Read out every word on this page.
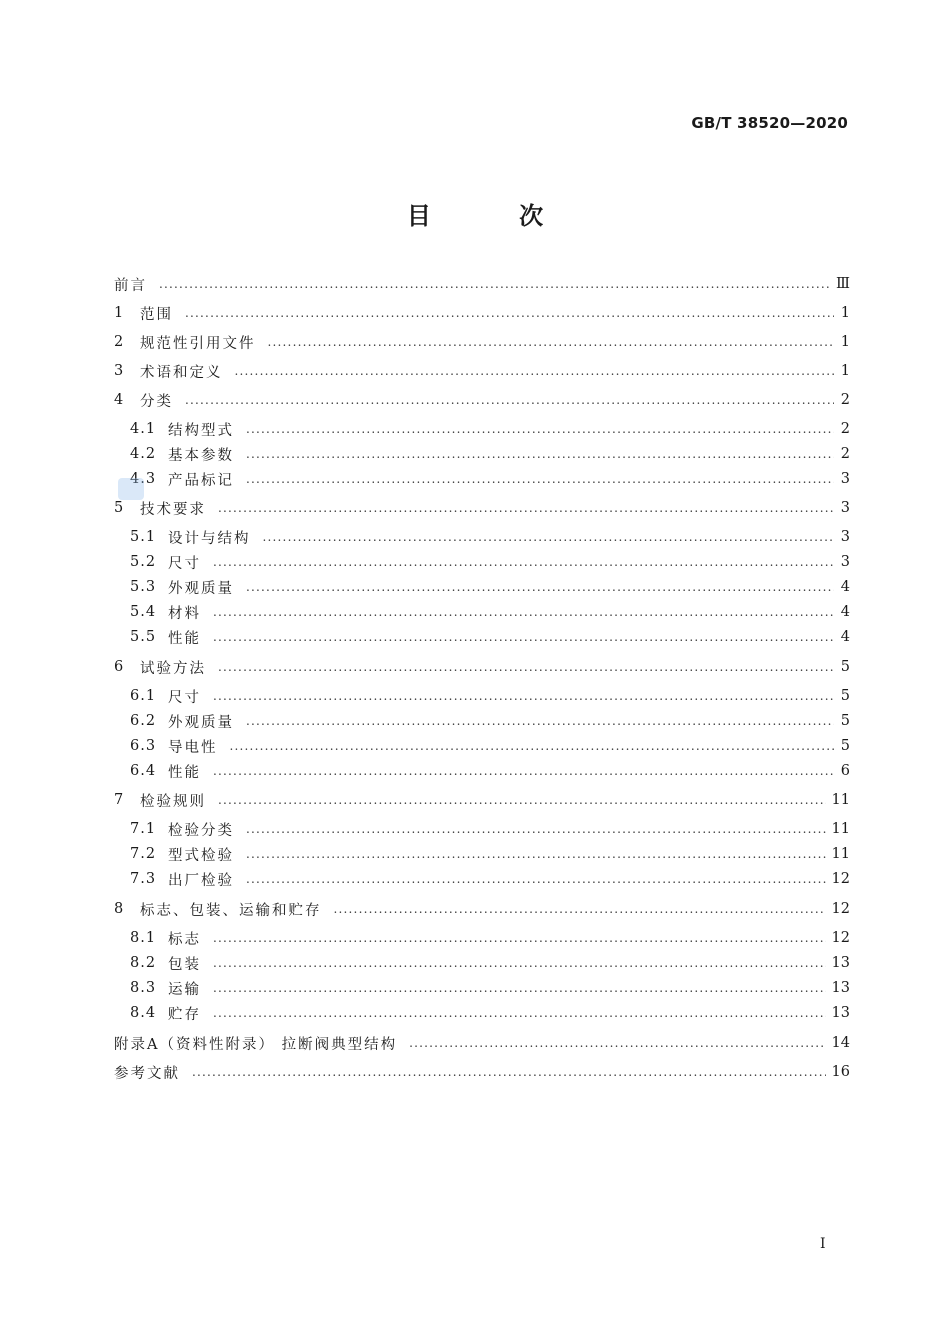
GB/T 38520—2020
目 次
前言 .....	Ⅲ
1	范围 .....	1
2	规范性引用文件 .....	1
3	术语和定义 .....	1
4	分类 .....	2
4.1 结构型式 .....	2
4.2 基本参数 .....	2
4.3 产品标记 .....	3
5	技术要求 .....	3
5.1 设计与结构 .....	3
5.2 尺寸 .....	3
5.3 外观质量 .....	4
5.4 材料 .....	4
5.5 性能 .....	4
6	试验方法 .....	5
6.1 尺寸 .....	5
6.2 外观质量 .....	5
6.3 导电性 .....	5
6.4 性能 .....	6
7	检验规则 .....	11
7.1 检验分类 .....	11
7.2 型式检验 .....	11
7.3 出厂检验 .....	12
8	标志、包装、运输和贮存 .....	12
8.1 标志 .....	12
8.2 包装 .....	13
8.3 运输 .....	13
8.4 贮存 .....	13
附录A（资料性附录） 拉断阀典型结构 .....	14
参考文献 .....	16
I
